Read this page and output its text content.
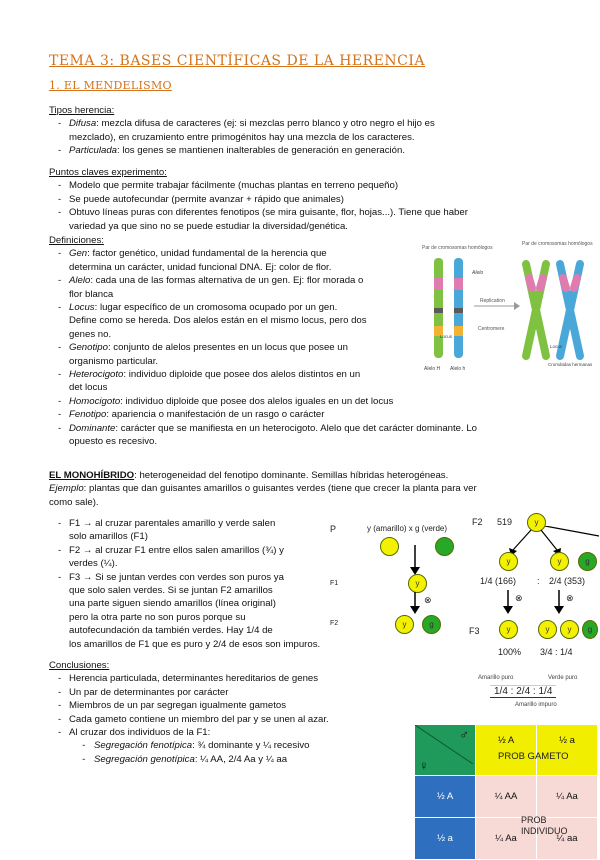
TEMA 3: BASES CIENTÍFICAS DE LA HERENCIA
1. EL MENDELISMO
Tipos herencia:
- Difusa: mezcla difusa de caracteres (ej: si mezclas perro blanco y otro negro el hijo es
mezclado), en cruzamiento entre primogénitos hay una mezcla de los caracteres.
- Particulada: los genes se mantienen inalterables de generación en generación.
Puntos claves experimento:
- Modelo que permite trabajar fácilmente (muchas plantas en terreno pequeño)
- Se puede autofecundar (permite avanzar + rápido que animales)
- Obtuvo líneas puras con diferentes fenotipos (se mira guisante, flor, hojas...). Tiene que haber
variedad ya que sino no se puede estudiar la diversidad/genética.
Definiciones:
- Gen: factor genético, unidad fundamental de la herencia que
determina un carácter, unidad funcional DNA. Ej: color de flor.
- Alelo: cada una de las formas alternativa de un gen. Ej: flor morada o
flor blanca
- Locus: lugar específico de un cromosoma ocupado por un gen.
Define como se hereda. Dos alelos están en el mismo locus, pero dos
genes no.
- Genotipo: conjunto de alelos presentes en un locus que posee un
organismo particular.
- Heterocigoto: individuo diploide que posee dos alelos distintos en un
det locus
- Homocigoto: individuo diploide que posee dos alelos iguales en un det locus
- Fenotipo: apariencia o manifestación de un rasgo o carácter
- Dominante: carácter que se manifiesta en un heterocigoto. Alelo que det carácter dominante. Lo
opuesto es recesivo.
Par de cromosomas homólogos
Par de cromosomas homólogos
Alelo
Locus
Alelo H Alelo h
Replication
Centromere
Locus
Cromátidas hermanas
EL MONOHÍBRIDO: heterogeneidad del fenotipo dominante. Semillas híbridas heterogéneas.
Ejemplo: plantas que dan guisantes amarillos o guisantes verdes (tiene que crecer la planta para ver
como sale).
- F1 → al cruzar parentales amarillo y verde salen
solo amarillos (F1)
- F2 → al cruzar F1 entre ellos salen amarillos (¾) y
verdes (¼).
- F3 → Si se juntan verdes con verdes son puros ya
que solo salen verdes. Si se juntan F2 amarillos
una parte siguen siendo amarillos (línea original)
pero la otra parte no son puros porque su
autofecundación da también verdes. Hay 1/4 de
los amarillos de F1 que es puro y 2/4 de esos son impuros.
P	y (amarillo) x g (verde)
F1	y
⊗
F2	y	g
F2 519	y
y	y	g
1/4 (166) : 2/4 (353)
⊗	⊗
F3	y	y	y	g
100% 3/4 : 1/4
Amarillo puro	Verde puro
1/4 : 2/4 : 1/4
Amarillo impuro
Conclusiones:
- Herencia particulada, determinantes hereditarios de genes
- Un par de determinantes por carácter
- Miembros de un par segregan igualmente gametos
- Cada gameto contiene un miembro del par y se unen al azar.
- Al cruzar dos individuos de la F1:
- Segregación fenotípica: ¾ dominante y ¼ recesivo
- Segregación genotípica: ¼ AA, 2/4 Aa y ¼ aa
♂
♀	½ A	½ a
½ A	¼ AA	¼ Aa
½ a	¼ Aa	¼ aa
PROB GAMETO
PROB
INDIVIDUO
